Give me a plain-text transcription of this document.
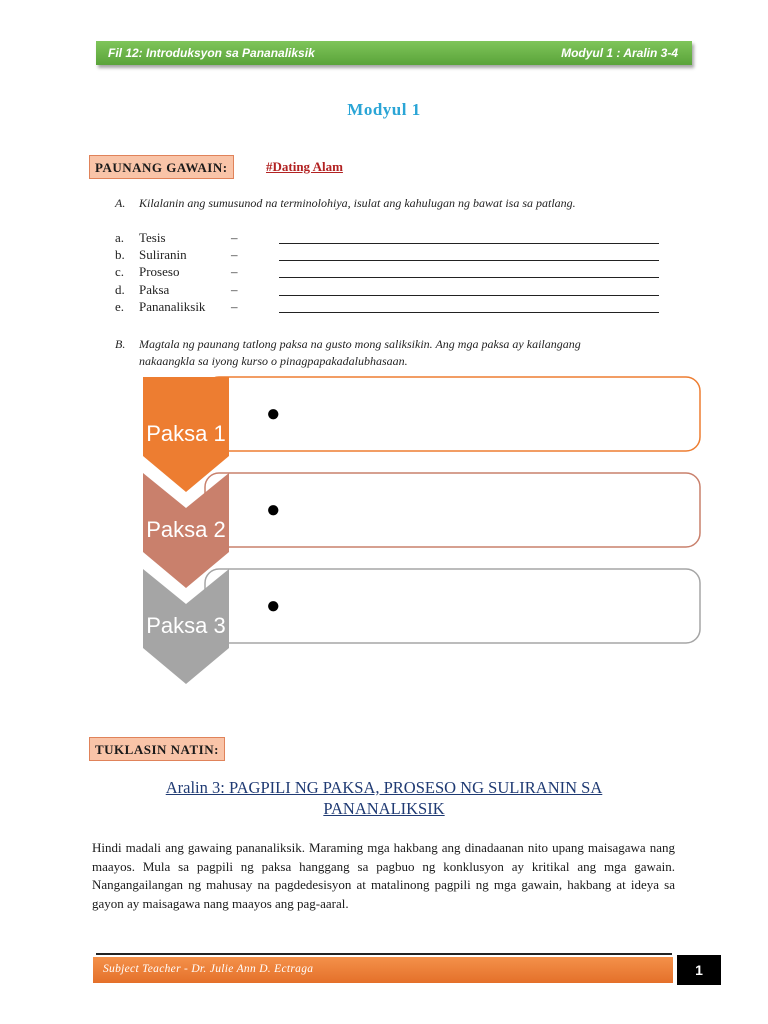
Fil 12: Introduksyon sa Pananaliksik	Modyul 1 : Aralin 3-4
Modyul 1
PAUNANG GAWAIN:	#Dating Alam
A. Kilalanin ang sumusunod na terminolohiya, isulat ang kahulugan ng bawat isa sa patlang.
a. Tesis	–
b. Suliranin	–
c. Proseso	–
d. Paksa	–
e. Pananaliksik –
B. Magtala ng paunang tatlong paksa na gusto mong saliksikin. Ang mga paksa ay kailangang
nakaangkla sa iyong kurso o pinagpapakadalubhasaan.
Paksa 1
Paksa 2
Paksa 3
●
●
●
TUKLASIN NATIN:
Aralin 3: PAGPILI NG PAKSA, PROSESO NG SULIRANIN SA
PANANALIKSIK
Hindi madali ang gawaing pananaliksik. Maraming mga hakbang ang dinadaanan nito upang maisagawa nang maayos. Mula sa pagpili ng paksa hanggang sa pagbuo ng konklusyon ay kritikal ang mga gawain. Nangangailangan ng mahusay na pagdedesisyon at matalinong pagpili ng mga gawain, hakbang at ideya sa gayon ay maisagawa nang maayos ang pag-aaral.
Subject Teacher - Dr. Julie Ann D. Ectraga	1
